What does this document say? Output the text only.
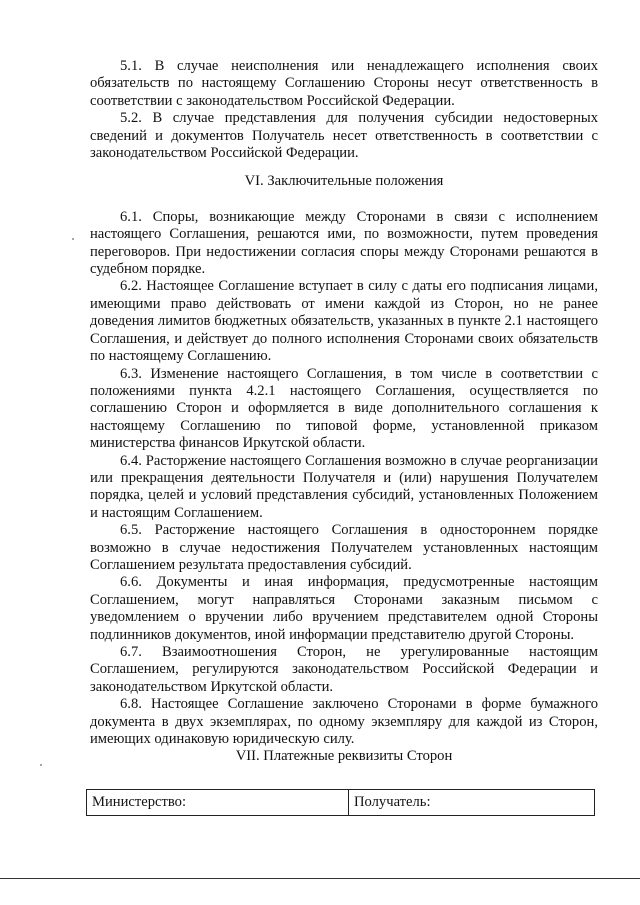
5.1. В случае неисполнения или ненадлежащего исполнения своих обязательств по настоящему Соглашению Стороны несут ответственность в соответствии с законодательством Российской Федерации.

5.2. В случае представления для получения субсидии недостоверных сведений и документов Получатель несет ответственность в соответствии с законодательством Российской Федерации.

VI. Заключительные положения

6.1. Споры, возникающие между Сторонами в связи с исполнением настоящего Соглашения, решаются ими, по возможности, путем проведения переговоров. При недостижении согласия споры между Сторонами решаются в судебном порядке.

6.2. Настоящее Соглашение вступает в силу с даты его подписания лицами, имеющими право действовать от имени каждой из Сторон, но не ранее доведения лимитов бюджетных обязательств, указанных в пункте 2.1 настоящего Соглашения, и действует до полного исполнения Сторонами своих обязательств по настоящему Соглашению.

6.3. Изменение настоящего Соглашения, в том числе в соответствии с положениями пункта 4.2.1 настоящего Соглашения, осуществляется по соглашению Сторон и оформляется в виде дополнительного соглашения к настоящему Соглашению по типовой форме, установленной приказом министерства финансов Иркутской области.

6.4. Расторжение настоящего Соглашения возможно в случае реорганизации или прекращения деятельности Получателя и (или) нарушения Получателем порядка, целей и условий представления субсидий, установленных Положением и настоящим Соглашением.

6.5. Расторжение настоящего Соглашения в одностороннем порядке возможно в случае недостижения Получателем установленных настоящим Соглашением результата предоставления субсидий.

6.6. Документы и иная информация, предусмотренные настоящим Соглашением, могут направляться Сторонами заказным письмом с уведомлением о вручении либо вручением представителем одной Стороны подлинников документов, иной информации представителю другой Стороны.

6.7. Взаимоотношения Сторон, не урегулированные настоящим Соглашением, регулируются законодательством Российской Федерации и законодательством Иркутской области.

6.8. Настоящее Соглашение заключено Сторонами в форме бумажного документа в двух экземплярах, по одному экземпляру для каждой из Сторон, имеющих одинаковую юридическую силу.

VII. Платежные реквизиты Сторон

Министерство:	Получатель:
